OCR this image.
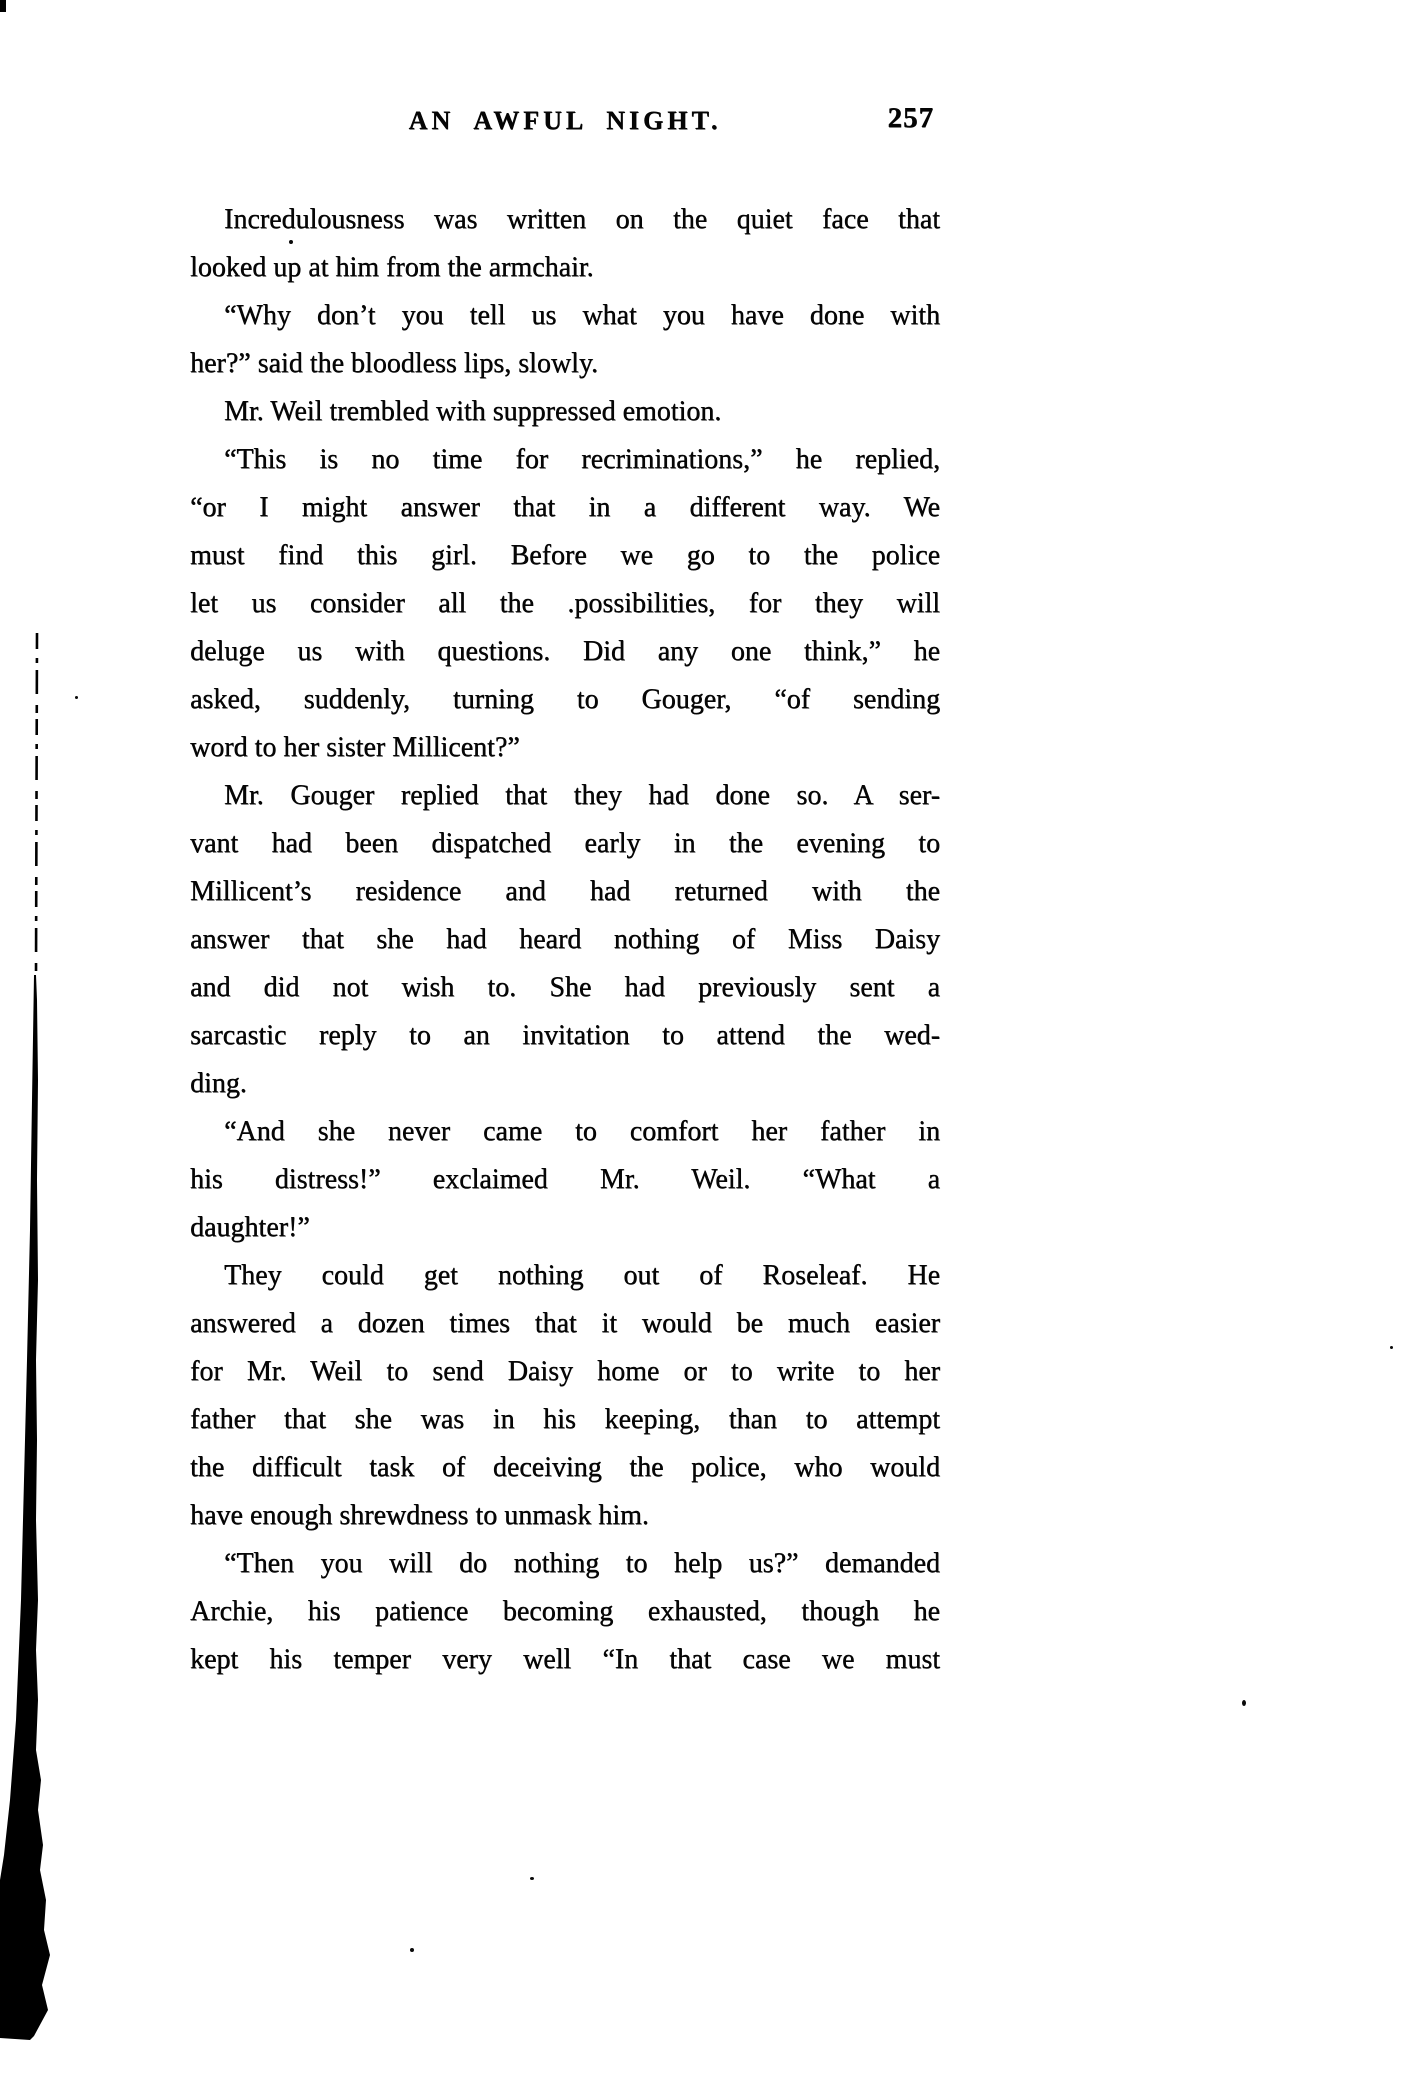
AN AWFUL NIGHT.	257
Incredulousness was written on the quiet face that
looked up at him from the armchair.
“Why don’t you tell us what you have done with
her?” said the bloodless lips, slowly.
Mr. Weil trembled with suppressed emotion.
“This is no time for recriminations,” he replied,
“or I might answer that in a different way. We
must find this girl. Before we go to the police
let us consider all the .possibilities, for they will
deluge us with questions. Did any one think,” he
asked, suddenly, turning to Gouger, “of sending
word to her sister Millicent?”
Mr. Gouger replied that they had done so. A ser-
vant had been dispatched early in the evening to
Millicent’s residence and had returned with the
answer that she had heard nothing of Miss Daisy
and did not wish to. She had previously sent a
sarcastic reply to an invitation to attend the wed-
ding.
“And she never came to comfort her father in
his distress!” exclaimed Mr. Weil. “What a
daughter!”
They could get nothing out of Roseleaf. He
answered a dozen times that it would be much easier
for Mr. Weil to send Daisy home or to write to her
father that she was in his keeping, than to attempt
the difficult task of deceiving the police, who would
have enough shrewdness to unmask him.
“Then you will do nothing to help us?” demanded
Archie, his patience becoming exhausted, though he
kept his temper very well “In that case we must
